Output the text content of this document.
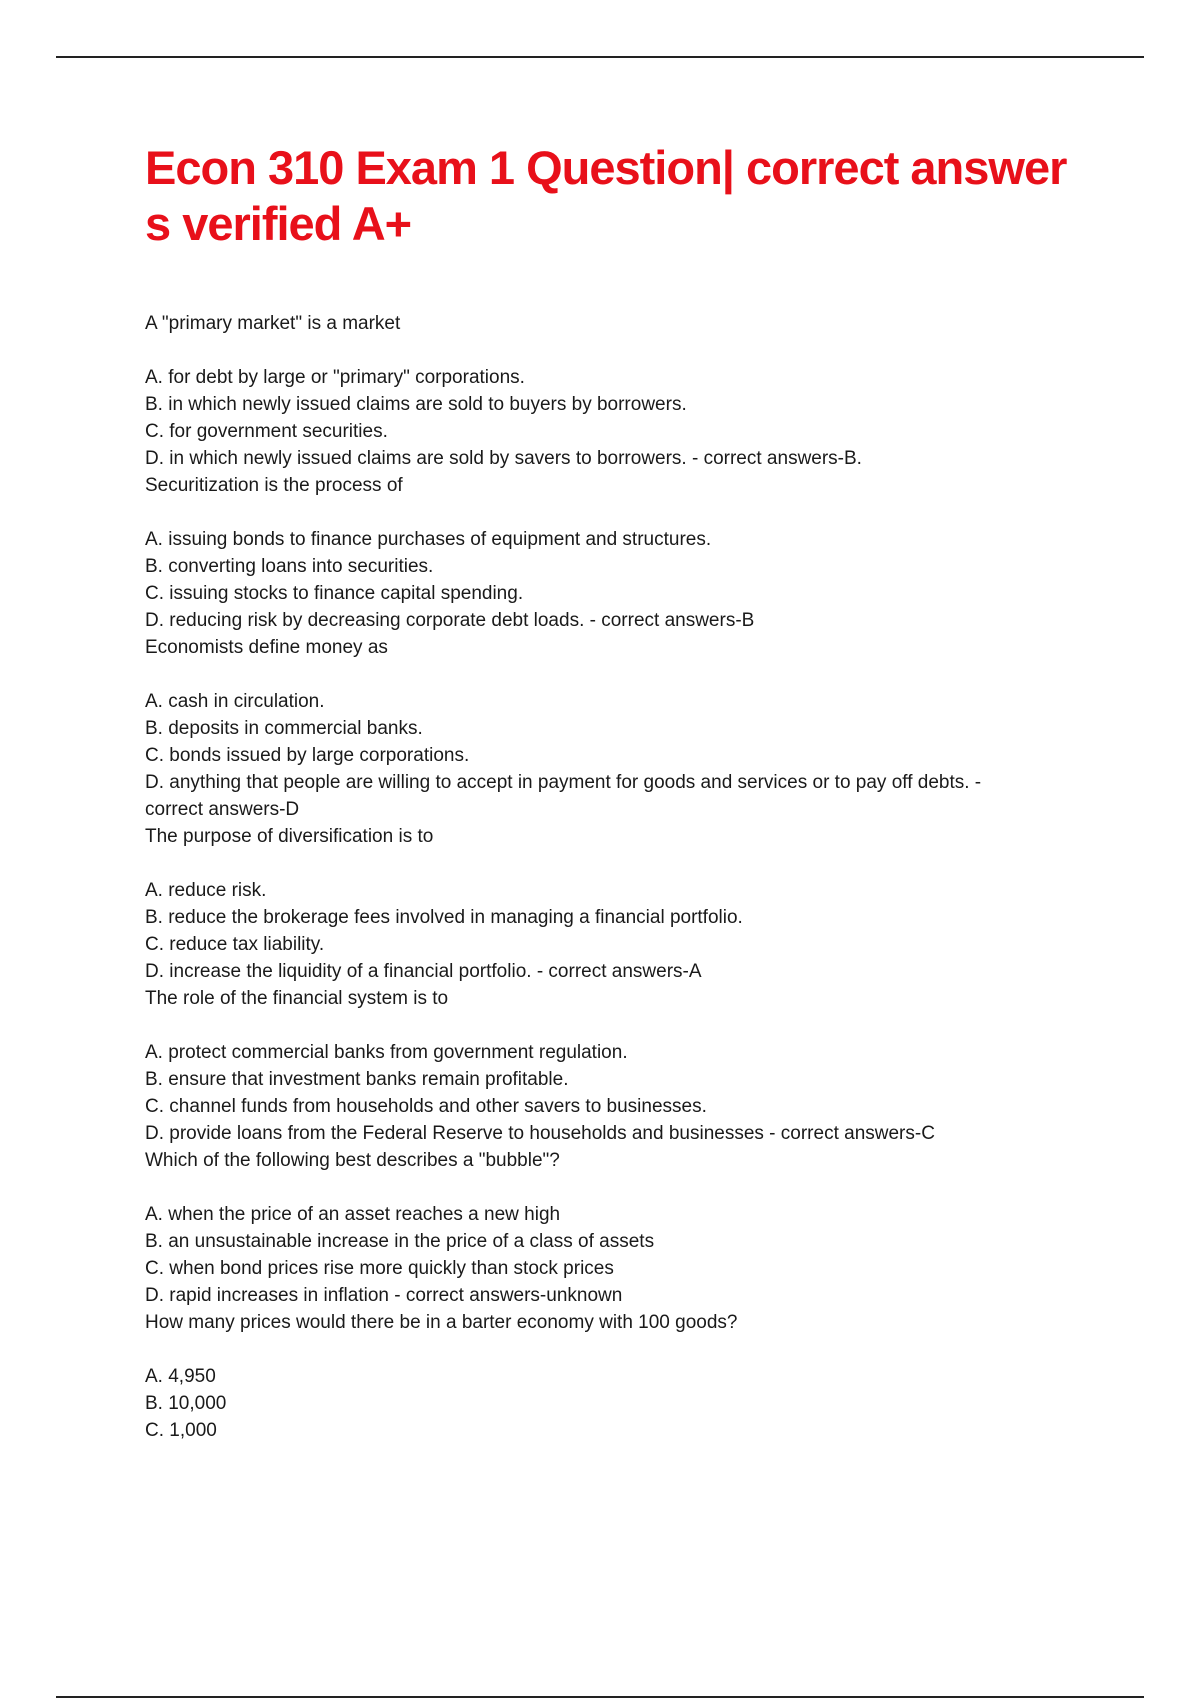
Econ 310 Exam 1 Question| correct answers verified A+

A "primary market" is a market

A. for debt by large or "primary" corporations.

B. in which newly issued claims are sold to buyers by borrowers.

C. for government securities.

D. in which newly issued claims are sold by savers to borrowers. - correct answers-B.

Securitization is the process of

A. issuing bonds to finance purchases of equipment and structures.

B. converting loans into securities.

C. issuing stocks to finance capital spending.

D. reducing risk by decreasing corporate debt loads. - correct answers-B

Economists define money as

A. cash in circulation.

B. deposits in commercial banks.

C. bonds issued by large corporations.

D. anything that people are willing to accept in payment for goods and services or to pay off debts. - correct answers-D

The purpose of diversification is to

A. reduce risk.

B. reduce the brokerage fees involved in managing a financial portfolio.

C. reduce tax liability.

D. increase the liquidity of a financial portfolio. - correct answers-A

The role of the financial system is to

A. protect commercial banks from government regulation.

B. ensure that investment banks remain profitable.

C. channel funds from households and other savers to businesses.

D. provide loans from the Federal Reserve to households and businesses - correct answers-C

Which of the following best describes a "bubble"?

A. when the price of an asset reaches a new high

B. an unsustainable increase in the price of a class of assets

C. when bond prices rise more quickly than stock prices

D. rapid increases in inflation - correct answers-unknown

How many prices would there be in a barter economy with 100 goods?

A. 4,950

B. 10,000

C. 1,000
